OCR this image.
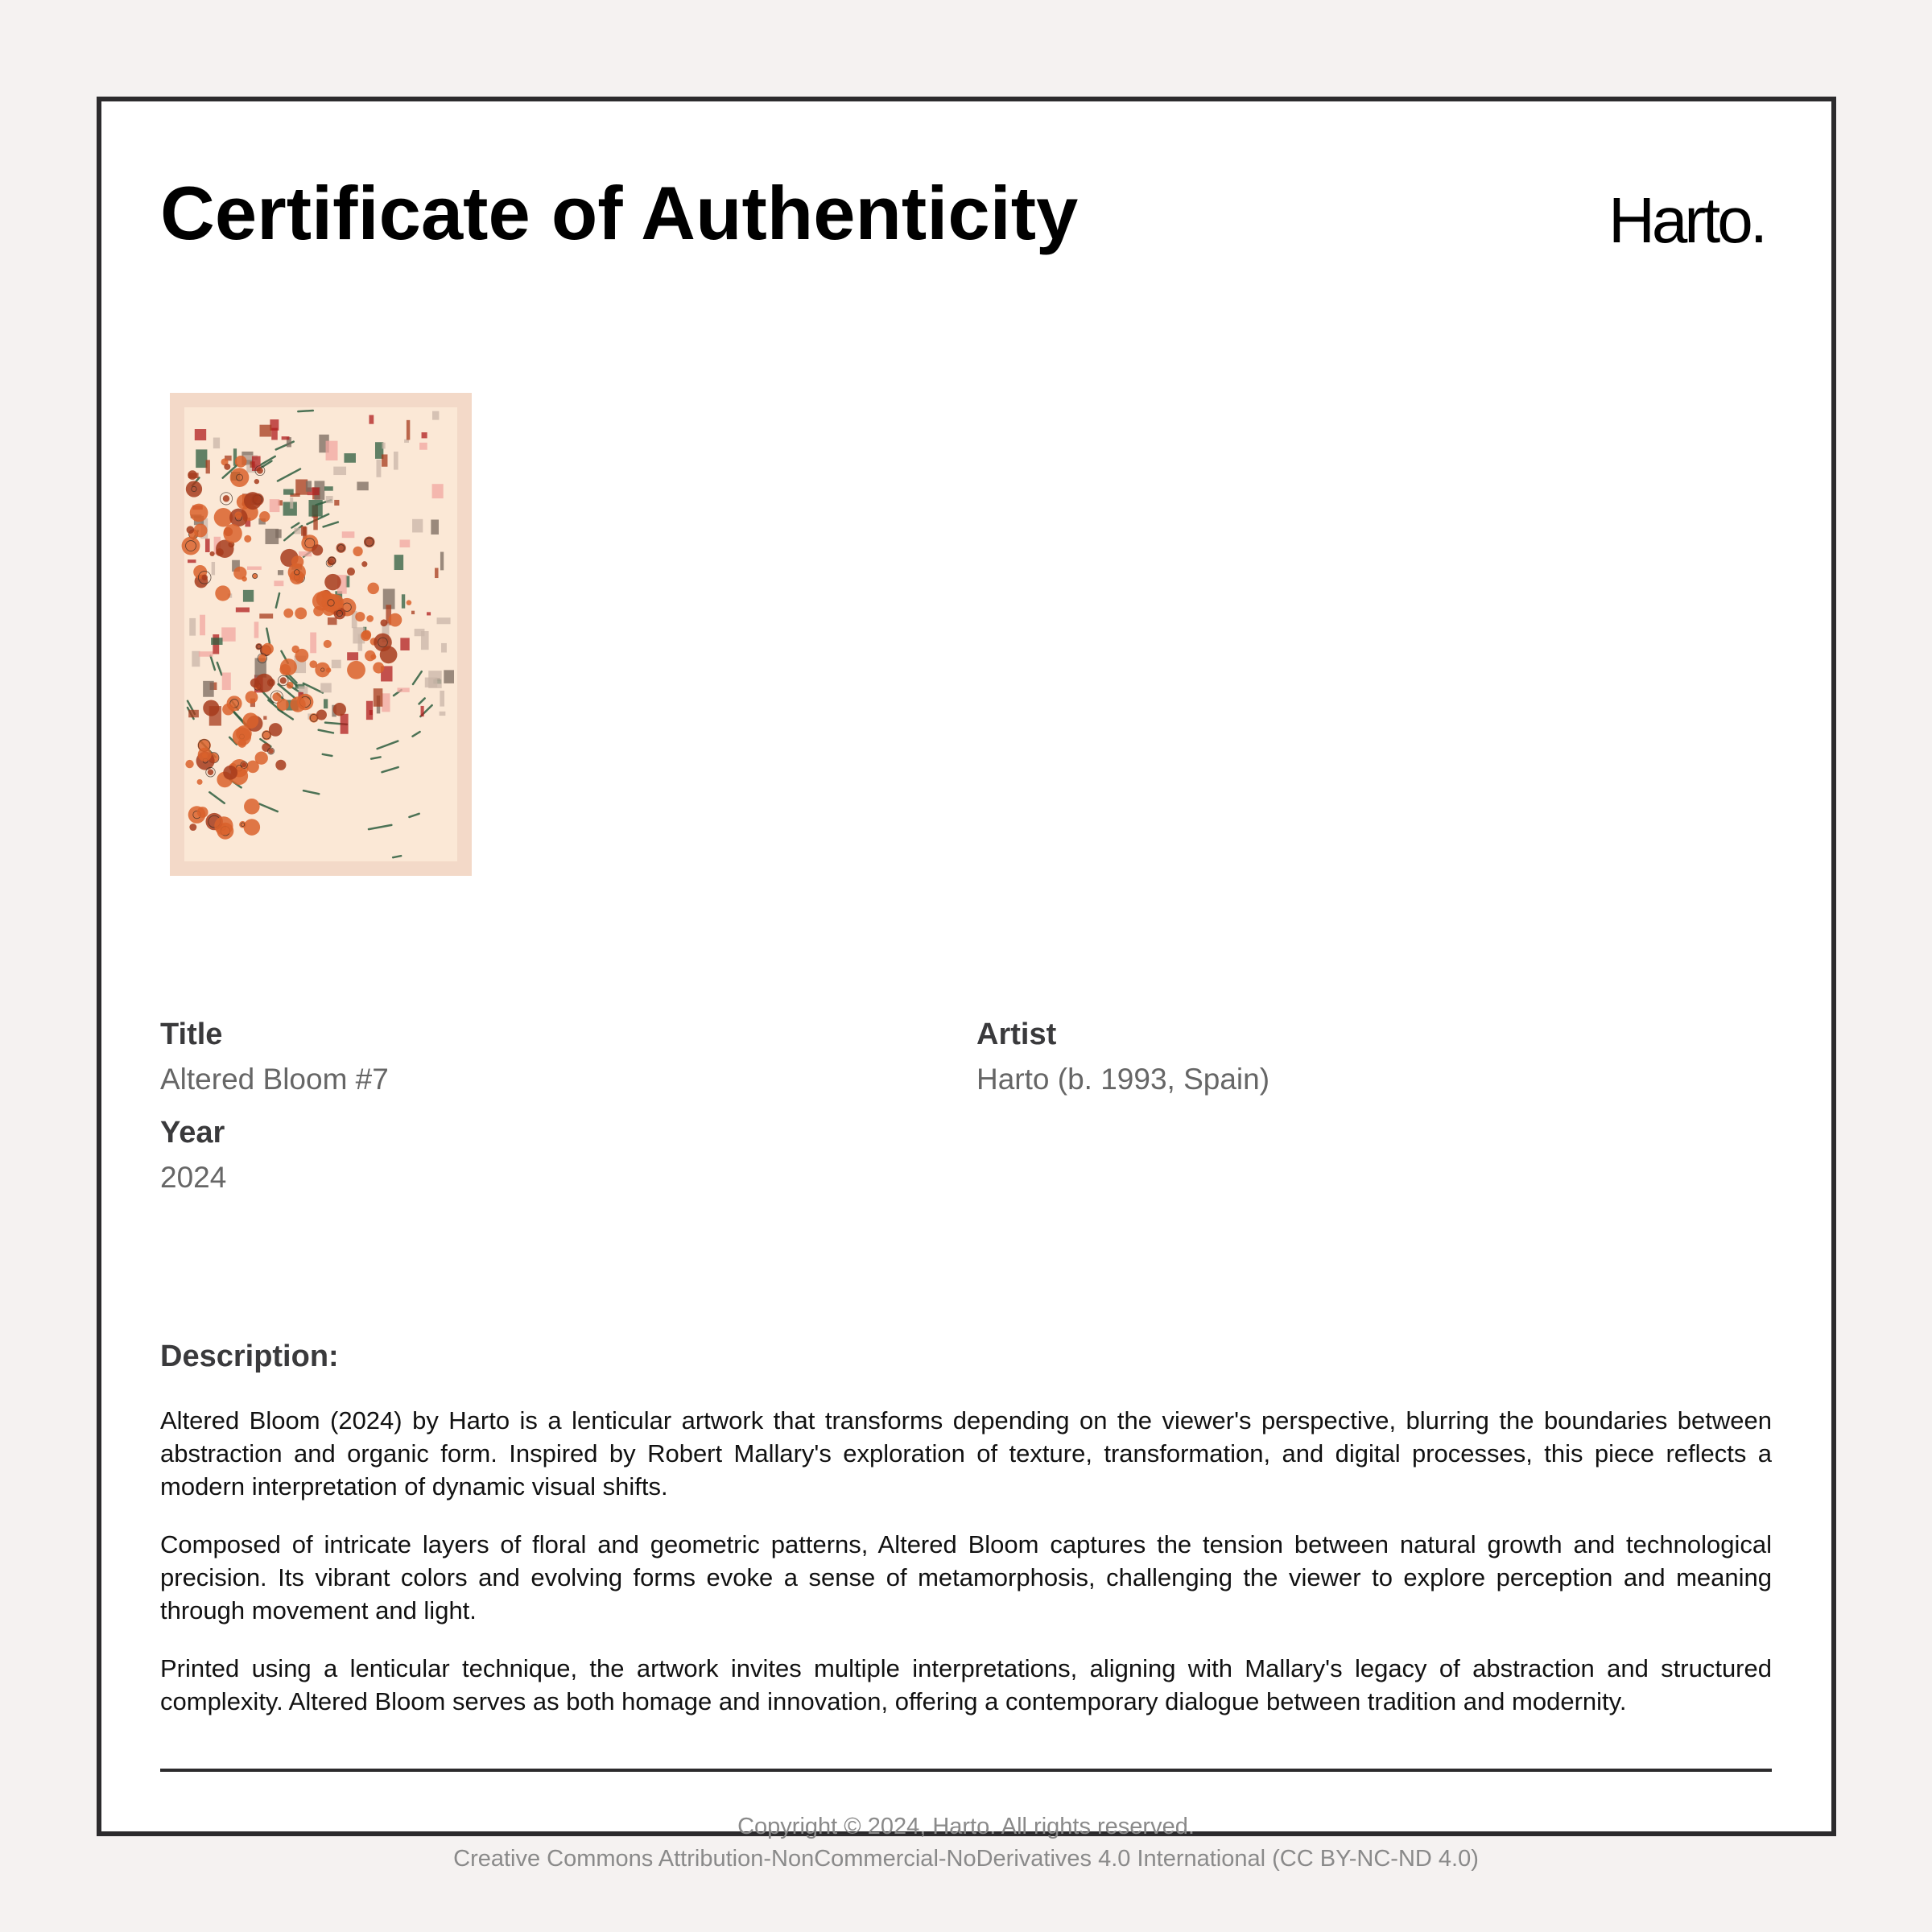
Certificate of Authenticity	Harto.
Title
Altered Bloom #7
Artist
Harto (b. 1993, Spain)
Year
2024
Description:

Altered Bloom (2024) by Harto is a lenticular artwork that transforms depending on the viewer's perspective, blurring the boundaries between abstraction and organic form. Inspired by Robert Mallary's exploration of texture, transformation, and digital processes, this piece reflects a modern interpretation of dynamic visual shifts.

Composed of intricate layers of floral and geometric patterns, Altered Bloom captures the tension between natural growth and technological precision. Its vibrant colors and evolving forms evoke a sense of metamorphosis, challenging the viewer to explore perception and meaning through movement and light.

Printed using a lenticular technique, the artwork invites multiple interpretations, aligning with Mallary's legacy of abstraction and structured complexity. Altered Bloom serves as both homage and innovation, offering a contemporary dialogue between tradition and modernity.

Copyright © 2024, Harto. All rights reserved.

Creative Commons Attribution-NonCommercial-NoDerivatives 4.0 International (CC BY-NC-ND 4.0)
